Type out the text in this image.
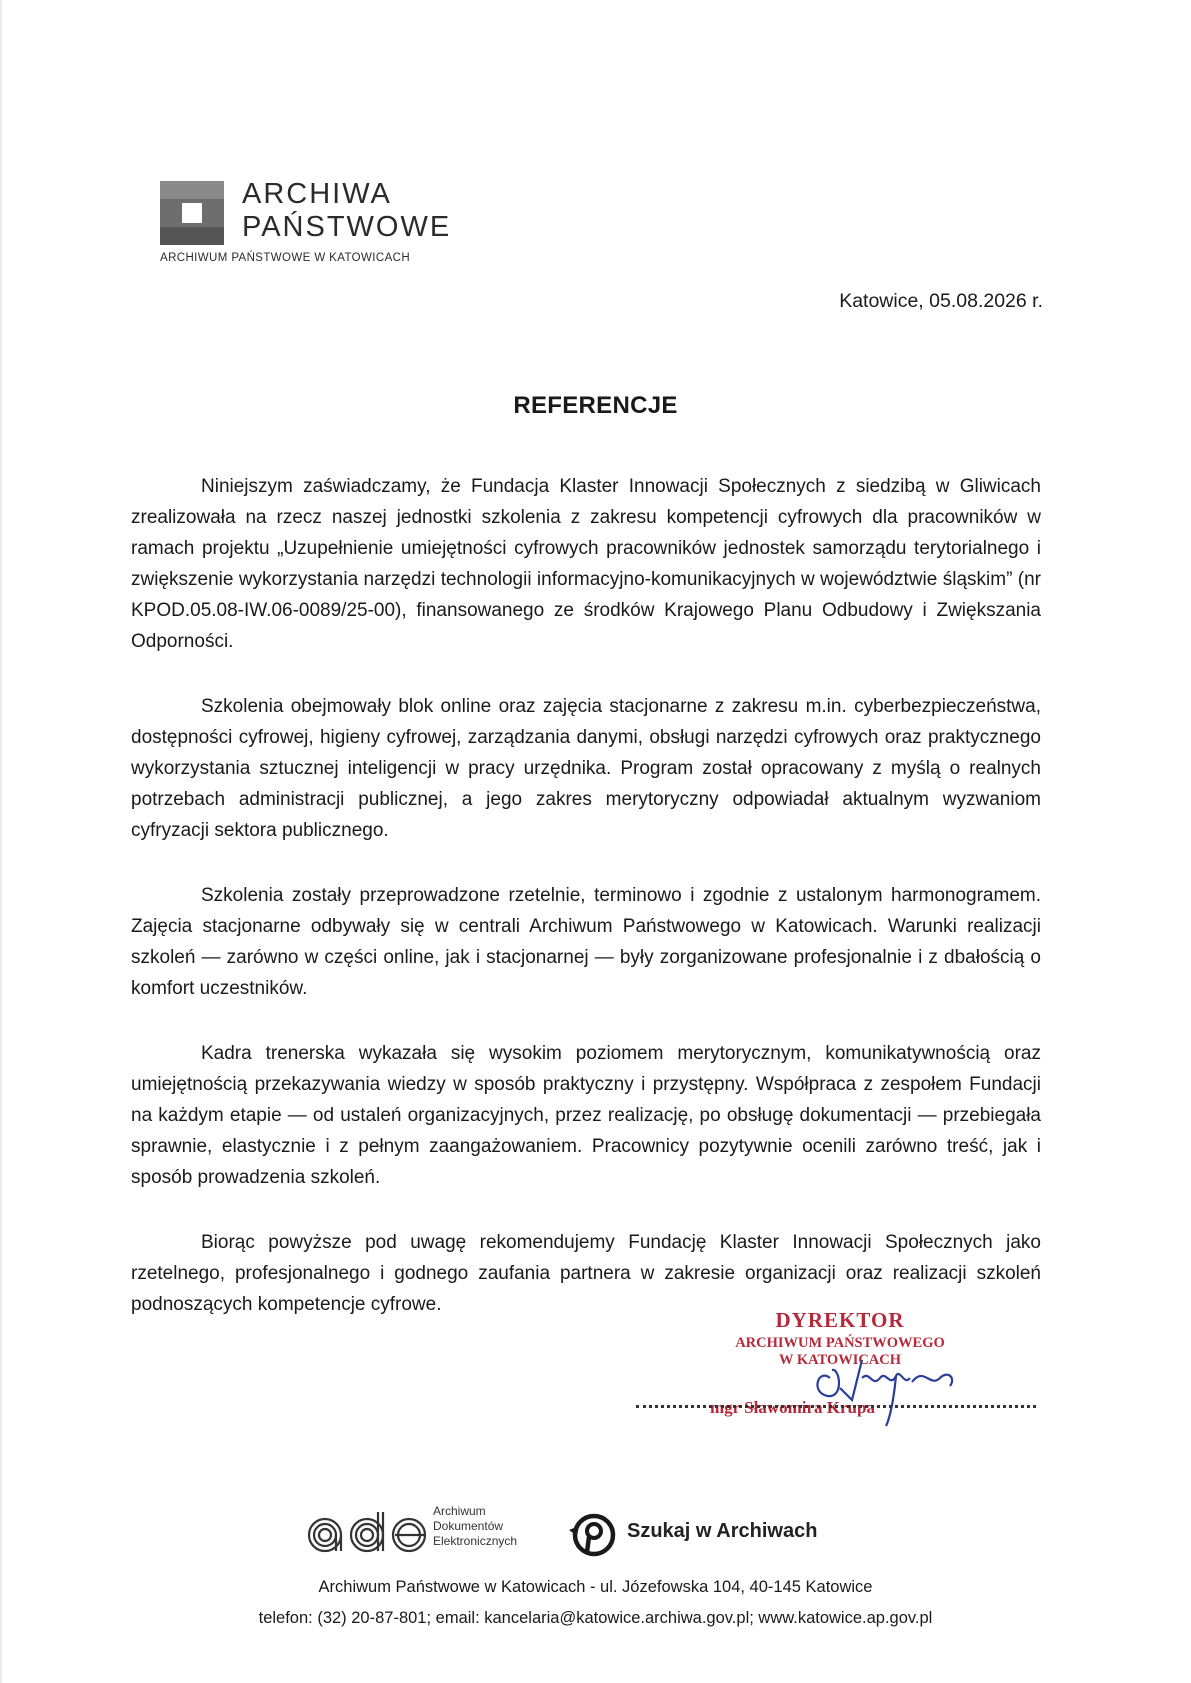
ARCHIWA
PAŃSTWOWE
ARCHIWUM PAŃSTWOWE W KATOWICACH
Katowice, 05.08.2026 r.
REFERENCJE

Niniejszym zaświadczamy, że Fundacja Klaster Innowacji Społecznych z siedzibą w Gliwicach zrealizowała na rzecz naszej jednostki szkolenia z zakresu kompetencji cyfrowych dla pracowników w ramach projektu „Uzupełnienie umiejętności cyfrowych pracowników jednostek samorządu terytorialnego i zwiększenie wykorzystania narzędzi technologii informacyjno-komunikacyjnych w województwie śląskim” (nr KPOD.05.08-IW.06-0089/25-00), finansowanego ze środków Krajowego Planu Odbudowy i Zwiększania Odporności.

Szkolenia obejmowały blok online oraz zajęcia stacjonarne z zakresu m.in. cyberbezpieczeństwa, dostępności cyfrowej, higieny cyfrowej, zarządzania danymi, obsługi narzędzi cyfrowych oraz praktycznego wykorzystania sztucznej inteligencji w pracy urzędnika. Program został opracowany z myślą o realnych potrzebach administracji publicznej, a jego zakres merytoryczny odpowiadał aktualnym wyzwaniom cyfryzacji sektora publicznego.

Szkolenia zostały przeprowadzone rzetelnie, terminowo i zgodnie z ustalonym harmonogramem. Zajęcia stacjonarne odbywały się w centrali Archiwum Państwowego w Katowicach. Warunki realizacji szkoleń — zarówno w części online, jak i stacjonarnej — były zorganizowane profesjonalnie i z dbałością o komfort uczestników.

Kadra trenerska wykazała się wysokim poziomem merytorycznym, komunikatywnością oraz umiejętnością przekazywania wiedzy w sposób praktyczny i przystępny. Współpraca z zespołem Fundacji na każdym etapie — od ustaleń organizacyjnych, przez realizację, po obsługę dokumentacji — przebiegała sprawnie, elastycznie i z pełnym zaangażowaniem. Pracownicy pozytywnie ocenili zarówno treść, jak i sposób prowadzenia szkoleń.

Biorąc powyższe pod uwagę rekomendujemy Fundację Klaster Innowacji Społecznych jako rzetelnego, profesjonalnego i godnego zaufania partnera w zakresie organizacji oraz realizacji szkoleń podnoszących kompetencje cyfrowe.

DYREKTOR
ARCHIWUM PAŃSTWOWEGO
W KATOWICACH
mgr Sławomira Krupa
Archiwum
Dokumentów
Elektronicznych	Szukaj w Archiwach
Archiwum Państwowe w Katowicach - ul. Józefowska 104, 40-145 Katowice
telefon: (32) 20-87-801; email: kancelaria@katowice.archiwa.gov.pl; www.katowice.ap.gov.pl
